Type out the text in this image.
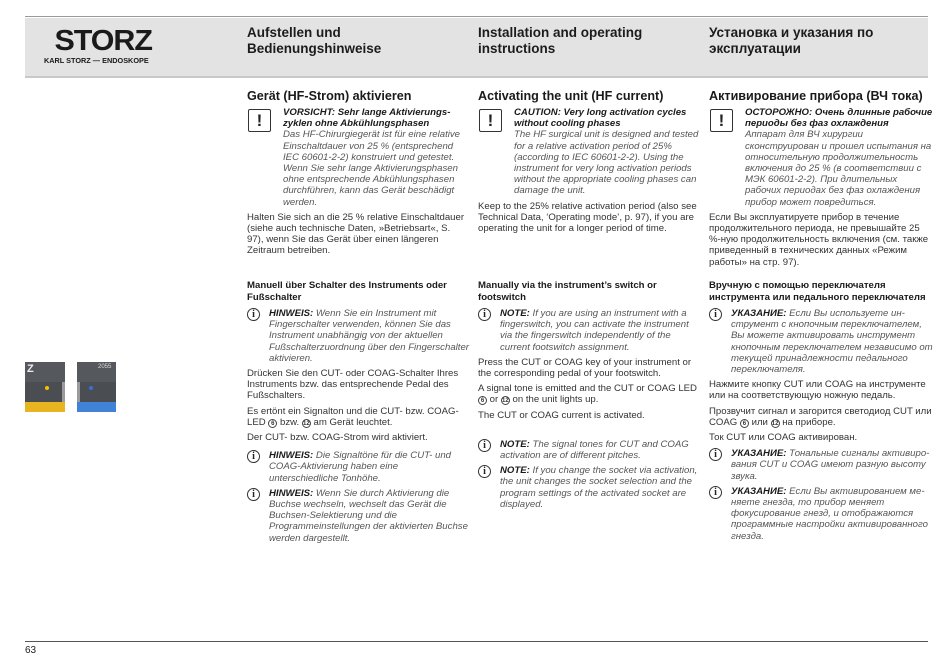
STORZ
KARL STORZ — ENDOSKOPE
Aufstellen und Bedienungshinweise
Installation and operating instructions
Установка и указания по эксплуатации
Gerät (HF-Strom) aktivieren
!	VORSICHT: Sehr lange Aktivierungszyklen ohne Abkühlungsphasen
Das HF-Chirurgiegerät ist für eine relative Einschaltdauer von 25 % (entsprechend IEC 60601-2-2) konstruiert und getestet. Wenn Sie sehr lange Aktivierungsphasen ohne entsprechende Abkühlungsphasen durchführen, kann das Gerät beschädigt werden.
Halten Sie sich an die 25 % relative Einschaltdauer (siehe auch technische Daten, »Betriebsart«, S. 97), wenn Sie das Gerät über einen längeren Zeitraum betreiben.
Manuell über Schalter des Instruments oder Fußschalter
i	HINWEIS: Wenn Sie ein Instrument mit Fingerschalter verwenden, können Sie das Instrument unabhängig von der aktuellen Fußschalterzuordnung über den Fingerschalter aktivieren.
Drücken Sie den CUT- oder COAG-Schalter Ihres Instruments bzw. das entsprechende Pedal des Fußschalters.
Es ertönt ein Signalton und die CUT- bzw. COAG-LED 6 bzw. 12 am Gerät leuchtet.
Der CUT- bzw. COAG-Strom wird aktiviert.
i	HINWEIS: Die Signaltöne für die CUT- und COAG-Aktivierung haben eine unterschiedliche Tonhöhe.
i	HINWEIS: Wenn Sie durch Aktivierung die Buchse wechseln, wechselt das Gerät die Buchsen-Selektierung und die Programmeinstellungen der aktivierten Buchse werden dargestellt.
Activating the unit (HF current)
!	CAUTION: Very long activation cycles without cooling phases
The HF surgical unit is designed and tested for a relative activation period of 25% (according to IEC 60601-2-2). Using the instrument for very long activation periods without the appropriate cooling phases can damage the unit.
Keep to the 25% relative activation period (also see Technical Data, ‘Operating mode’, p. 97), if you are operating the unit for a longer period of time.
Manually via the instrument’s switch or footswitch
i	NOTE: If you are using an instrument with a fingerswitch, you can activate the instrument via the fingerswitch independently of the current footswitch assignment.
Press the CUT or COAG key of your instrument or the corresponding pedal of your footswitch.
A signal tone is emitted and the CUT or COAG LED 6 or 12 on the unit lights up.
The CUT or COAG current is activated.
i	NOTE: The signal tones for CUT and COAG activation are of different pitches.
i	NOTE: If you change the socket via activation, the unit changes the socket selection and the program settings of the activated socket are displayed.
Активирование прибора (ВЧ тока)
!	ОСТОРОЖНО: Очень длинные рабочие периоды без фаз охлаждения
Аппарат для ВЧ хирургии сконструирован и прошел испытания на относительную продолжительность включения до 25 % (в соответствии с МЭК 60601-2-2). При длительных рабочих периодах без фаз охлаждения прибор может повредиться.
Если Вы эксплуатируете прибор в течение продолжительного периода, не превышайте 25 %-ную продолжительность включения (см. также приведенный в технических данных «Режим работы» на стр. 97).
Вручную с помощью переключателя инструмента или педального переключателя
i	УКАЗАНИЕ: Если Вы используете инструмент с кнопочным переключателем, Вы можете активировать инструмент кнопочным переключателем независимо от текущей принадлежности педального переключателя.
Нажмите кнопку CUT или COAG на инструменте или на соответствующую ножную педаль.
Прозвучит сигнал и загорится светодиод CUT или COAG 6 или 12 на приборе.
Ток CUT или COAG активирован.
i	УКАЗАНИЕ: Тональные сигналы активирования CUT и COAG имеют разную высоту звука.
i	УКАЗАНИЕ: Если Вы активированием меняете гнезда, то прибор меняет фокусирование гнезд, и отображаются программные настройки активированного гнезда.
Z	2055
63
